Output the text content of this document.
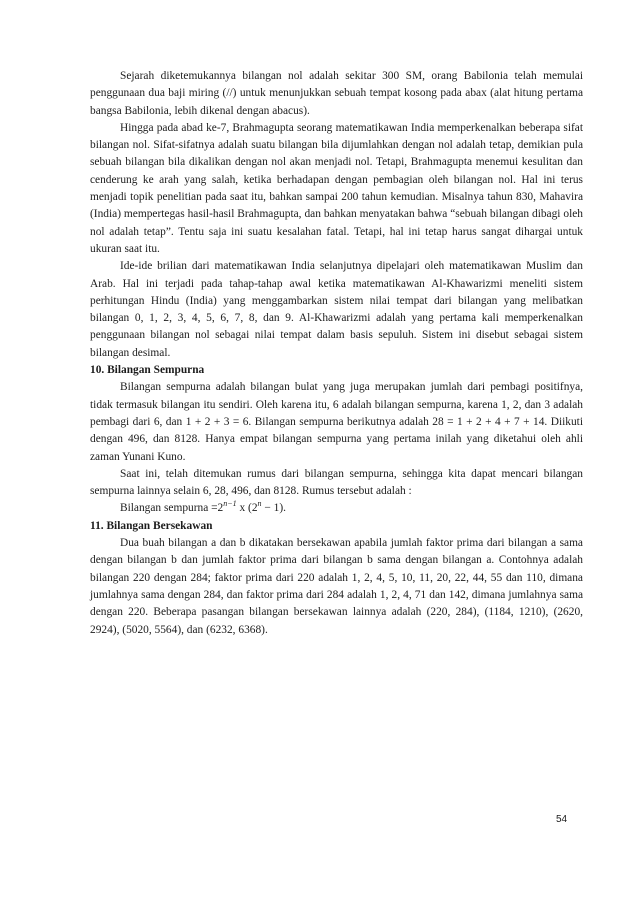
Sejarah diketemukannya bilangan nol adalah sekitar 300 SM, orang Babilonia telah memulai penggunaan dua baji miring (//) untuk menunjukkan sebuah tempat kosong pada abax (alat hitung pertama bangsa Babilonia, lebih dikenal dengan abacus).

Hingga pada abad ke-7, Brahmagupta seorang matematikawan India memperkenalkan beberapa sifat bilangan nol. Sifat-sifatnya adalah suatu bilangan bila dijumlahkan dengan nol adalah tetap, demikian pula sebuah bilangan bila dikalikan dengan nol akan menjadi nol. Tetapi, Brahmagupta menemui kesulitan dan cenderung ke arah yang salah, ketika berhadapan dengan pembagian oleh bilangan nol. Hal ini terus menjadi topik penelitian pada saat itu, bahkan sampai 200 tahun kemudian. Misalnya tahun 830, Mahavira (India) mempertegas hasil-hasil Brahmagupta, dan bahkan menyatakan bahwa “sebuah bilangan dibagi oleh nol adalah tetap”. Tentu saja ini suatu kesalahan fatal. Tetapi, hal ini tetap harus sangat dihargai untuk ukuran saat itu.

Ide-ide brilian dari matematikawan India selanjutnya dipelajari oleh matematikawan Muslim dan Arab. Hal ini terjadi pada tahap-tahap awal ketika matematikawan Al-Khawarizmi meneliti sistem perhitungan Hindu (India) yang menggambarkan sistem nilai tempat dari bilangan yang melibatkan bilangan 0, 1, 2, 3, 4, 5, 6, 7, 8, dan 9. Al-Khawarizmi adalah yang pertama kali memperkenalkan penggunaan bilangan nol sebagai nilai tempat dalam basis sepuluh. Sistem ini disebut sebagai sistem bilangan desimal.

10. Bilangan Sempurna

Bilangan sempurna adalah bilangan bulat yang juga merupakan jumlah dari pembagi positifnya, tidak termasuk bilangan itu sendiri. Oleh karena itu, 6 adalah bilangan sempurna, karena 1, 2, dan 3 adalah pembagi dari 6, dan 1 + 2 + 3 = 6. Bilangan sempurna berikutnya adalah 28 = 1 + 2 + 4 + 7 + 14. Diikuti dengan 496, dan 8128. Hanya empat bilangan sempurna yang pertama inilah yang diketahui oleh ahli zaman Yunani Kuno.

Saat ini, telah ditemukan rumus dari bilangan sempurna, sehingga kita dapat mencari bilangan sempurna lainnya selain 6, 28, 496, dan 8128. Rumus tersebut adalah :

Bilangan sempurna $=2^{n-1}$ x $(2^n - 1)$.

11. Bilangan Bersekawan

Dua buah bilangan a dan b dikatakan bersekawan apabila jumlah faktor prima dari bilangan a sama dengan bilangan b dan jumlah faktor prima dari bilangan b sama dengan bilangan a. Contohnya adalah bilangan 220 dengan 284; faktor prima dari 220 adalah 1, 2, 4, 5, 10, 11, 20, 22, 44, 55 dan 110, dimana jumlahnya sama dengan 284, dan faktor prima dari 284 adalah 1, 2, 4, 71 dan 142, dimana jumlahnya sama dengan 220. Beberapa pasangan bilangan bersekawan lainnya adalah (220, 284), (1184, 1210), (2620, 2924), (5020, 5564), dan (6232, 6368).

54
